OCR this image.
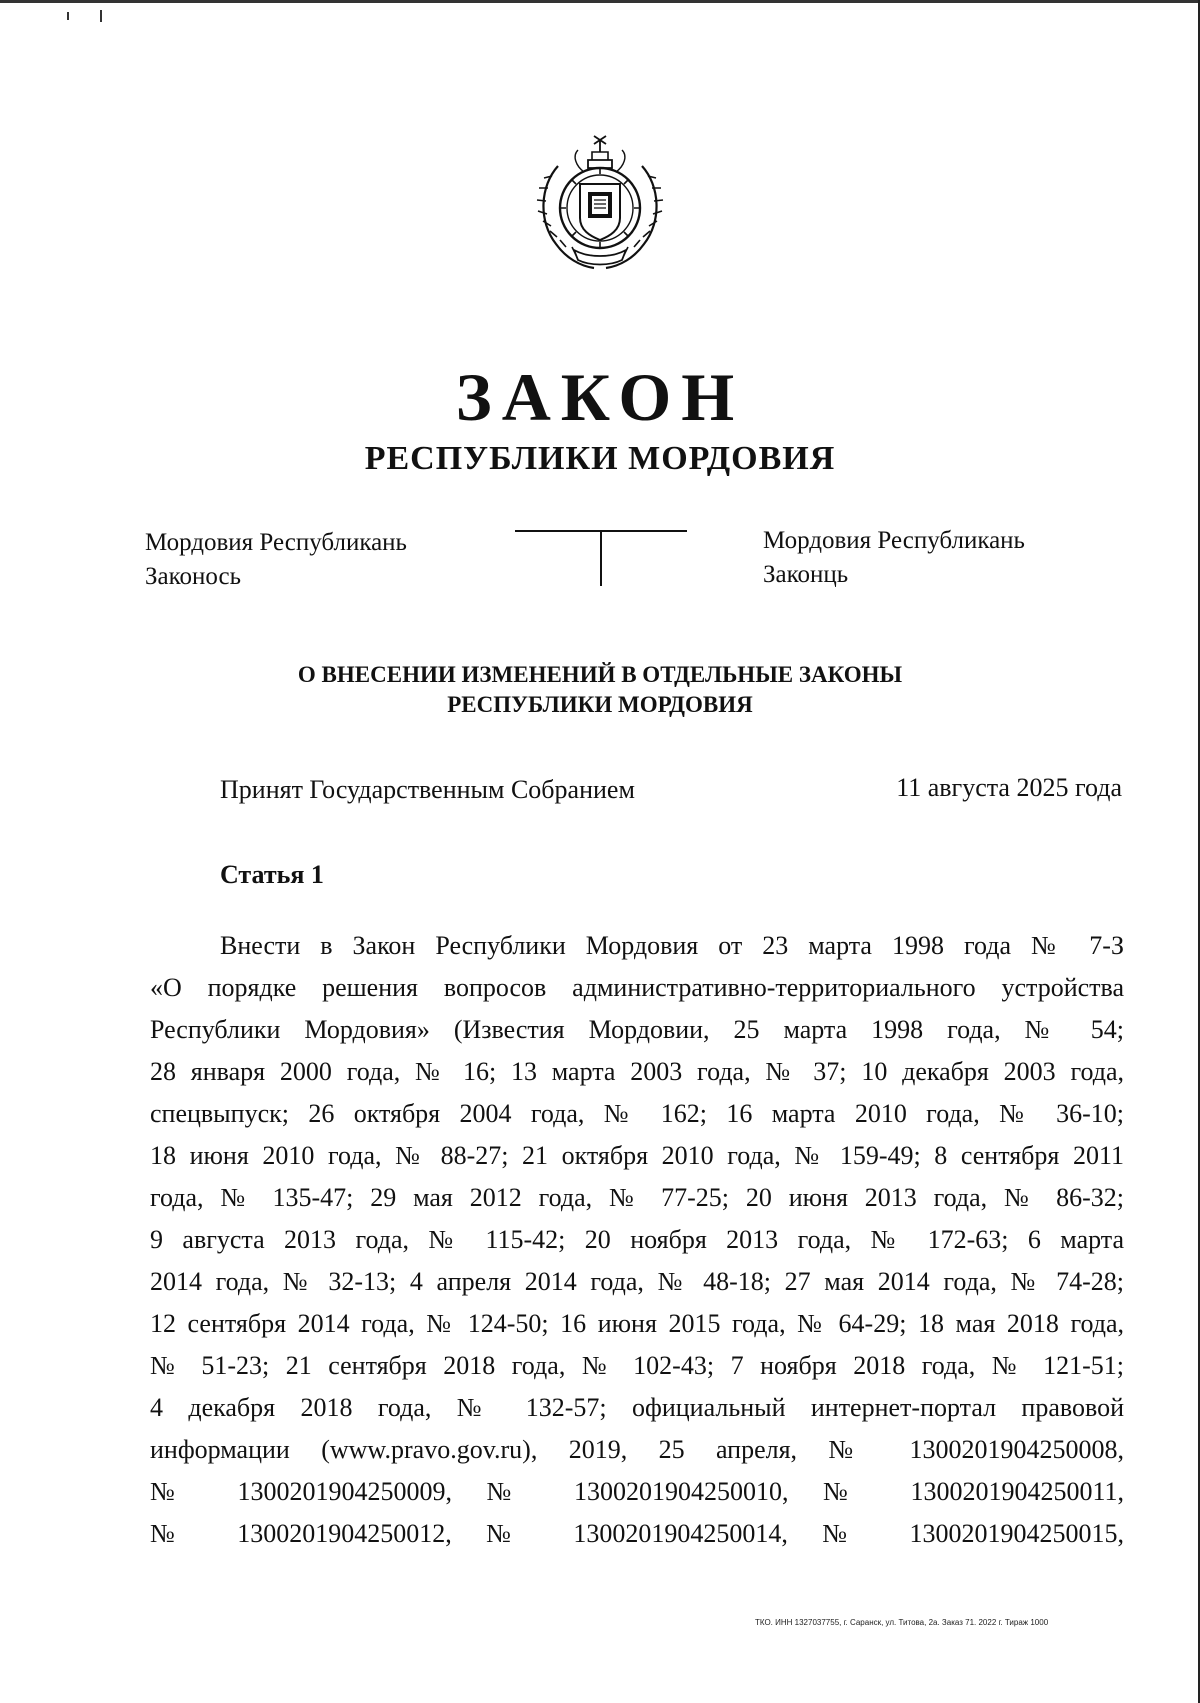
ЗАКОН
РЕСПУБЛИКИ МОРДОВИЯ
Мордовия Республикань
Законось
Мордовия Республикань
Законць
О ВНЕСЕНИИ ИЗМЕНЕНИЙ В ОТДЕЛЬНЫЕ ЗАКОНЫ
РЕСПУБЛИКИ МОРДОВИЯ
Принят Государственным Собранием	11 августа 2025 года
Статья 1
Внести в Закон Республики Мордовия от 23 марта 1998 года № 7-З
«О порядке решения вопросов административно-территориального устройства
Республики Мордовия» (Известия Мордовии, 25 марта 1998 года, № 54;
28 января 2000 года, № 16; 13 марта 2003 года, № 37; 10 декабря 2003 года,
спецвыпуск; 26 октября 2004 года, № 162; 16 марта 2010 года, № 36-10;
18 июня 2010 года, № 88-27; 21 октября 2010 года, № 159-49; 8 сентября 2011
года, № 135-47; 29 мая 2012 года, № 77-25; 20 июня 2013 года, № 86-32;
9 августа 2013 года, № 115-42; 20 ноября 2013 года, № 172-63; 6 марта
2014 года, № 32-13; 4 апреля 2014 года, № 48-18; 27 мая 2014 года, № 74-28;
12 сентября 2014 года, № 124-50; 16 июня 2015 года, № 64-29; 18 мая 2018 года,
№ 51-23; 21 сентября 2018 года, № 102-43; 7 ноября 2018 года, № 121-51;
4 декабря 2018 года, № 132-57; официальный интернет-портал правовой
информации (www.pravo.gov.ru), 2019, 25 апреля, № 1300201904250008,
№ 1300201904250009, № 1300201904250010, № 1300201904250011,
№ 1300201904250012, № 1300201904250014, № 1300201904250015,
ТКО. ИНН 1327037755, г. Саранск, ул. Титова, 2а. Заказ 71. 2022 г. Тираж 1000
